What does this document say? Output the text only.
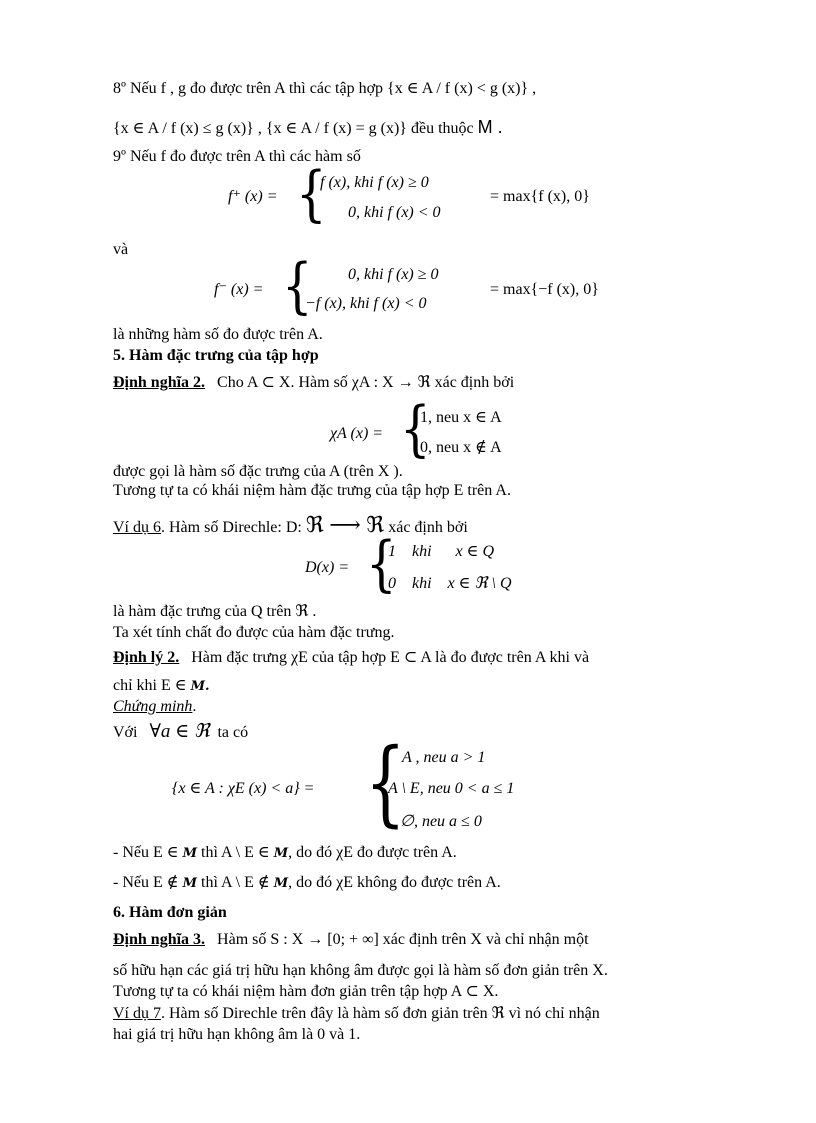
8º Nếu f , g đo được trên A thì các tập hợp {x ∈ A / f (x) < g (x)} ,
{x ∈ A / f (x) ≤ g (x)} , {x ∈ A / f (x) = g (x)} đều thuộc M .
9º Nếu f đo được trên A thì các hàm số
f⁺ (x) = {
f (x), khi f (x) ≥ 0
0, khi f (x) < 0
= max{f (x), 0}
và
f⁻ (x) = { 0, khi f (x) ≥ 0
−f (x), khi f (x) < 0
= max{−f (x), 0}
là những hàm số đo được trên A.
5. Hàm đặc trưng của tập hợp
Định nghĩa 2. Cho A ⊂ X. Hàm số χA : X → ℜ xác định bởi
χA (x) = {
1, neu x ∈ A
0, neu x ∉ A
được gọi là hàm số đặc trưng của A (trên X ).
Tương tự ta có khái niệm hàm đặc trưng của tập hợp E trên A.
Ví dụ 6. Hàm số Direchle: D: ℜ ⟶ ℜ xác định bởi
D(x) = {
1    khi      x ∈ Q
0    khi    x ∈ ℜ \ Q
là hàm đặc trưng của Q trên ℜ .
Ta xét tính chất đo được của hàm đặc trưng.
Định lý 2. Hàm đặc trưng χE của tập hợp E ⊂ A là đo được trên A khi và
chỉ khi E ∈ M.
Chứng minh.
Với ∀a ∈ ℜ ta có
{x ∈ A : χE (x) < a} = {
A , neu a > 1
A \ E, neu 0 < a ≤ 1
∅, neu a ≤ 0
- Nếu E ∈ M thì A \ E ∈ M, do đó χE đo được trên A.
- Nếu E ∉ M thì A \ E ∉ M, do đó χE không đo được trên A.
6. Hàm đơn giản
Định nghĩa 3. Hàm số S : X → [0; + ∞] xác định trên X và chỉ nhận một
số hữu hạn các giá trị hữu hạn không âm được gọi là hàm số đơn giản trên X.
Tương tự ta có khái niệm hàm đơn giản trên tập hợp A ⊂ X.
Ví dụ 7. Hàm số Direchle trên đây là hàm số đơn giản trên ℜ vì nó chỉ nhận
hai giá trị hữu hạn không âm là 0 và 1.
